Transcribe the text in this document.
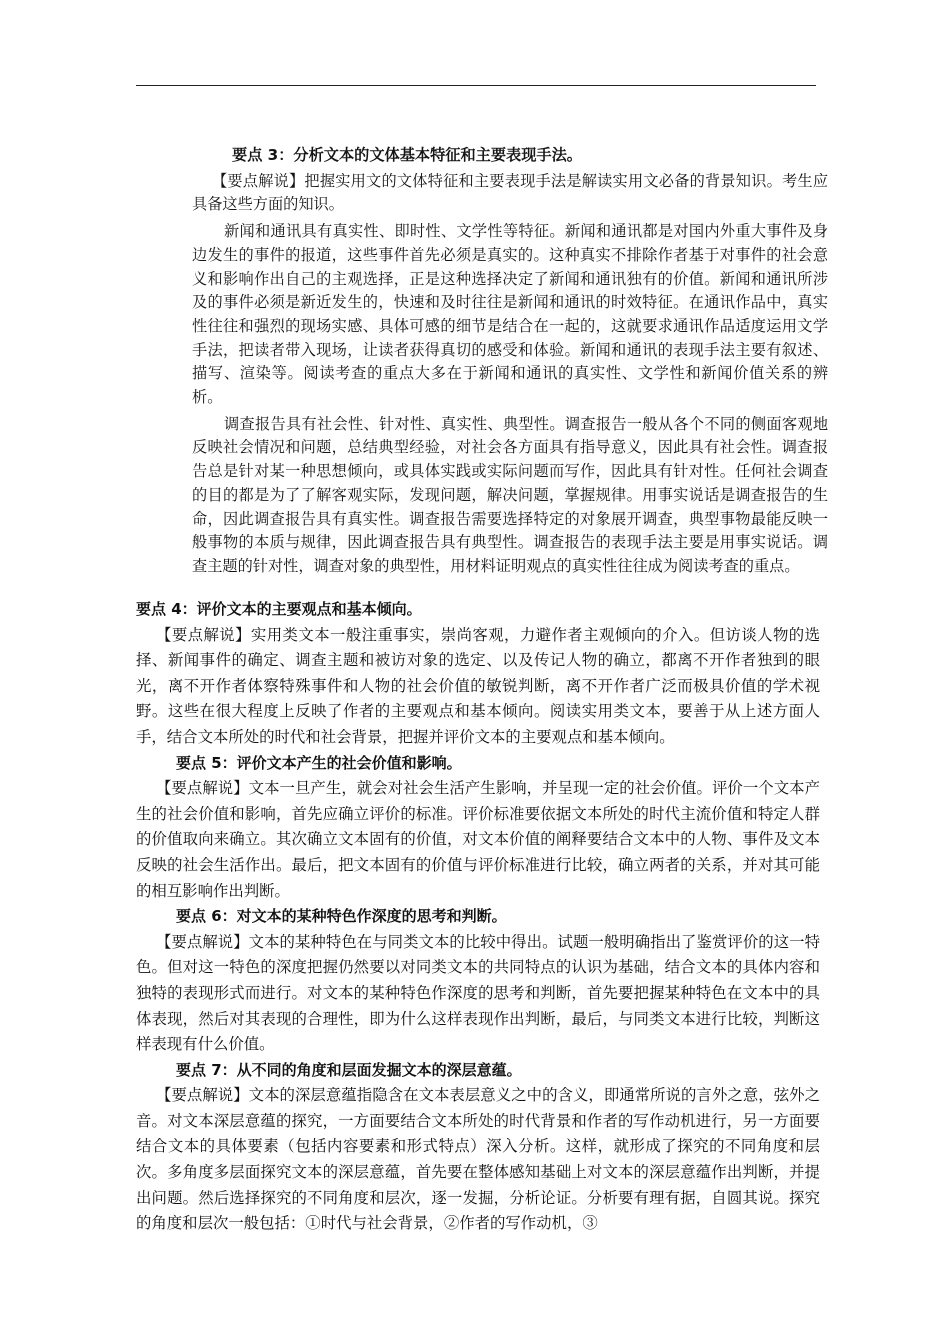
要点 3：分析文本的文体基本特征和主要表现手法。

【要点解说】把握实用文的文体特征和主要表现手法是解读实用文必备的背景知识。考生应具备这些方面的知识。

新闻和通讯具有真实性、即时性、文学性等特征。新闻和通讯都是对国内外重大事件及身边发生的事件的报道，这些事件首先必须是真实的。这种真实不排除作者基于对事件的社会意义和影响作出自己的主观选择，正是这种选择决定了新闻和通讯独有的价值。新闻和通讯所涉及的事件必须是新近发生的，快速和及时往往是新闻和通讯的时效特征。在通讯作品中，真实性往往和强烈的现场实感、具体可感的细节是结合在一起的，这就要求通讯作品适度运用文学手法，把读者带入现场，让读者获得真切的感受和体验。新闻和通讯的表现手法主要有叙述、描写、渲染等。阅读考查的重点大多在于新闻和通讯的真实性、文学性和新闻价值关系的辨析。

调查报告具有社会性、针对性、真实性、典型性。调查报告一般从各个不同的侧面客观地反映社会情况和问题，总结典型经验，对社会各方面具有指导意义，因此具有社会性。调查报告总是针对某一种思想倾向，或具体实践或实际问题而写作，因此具有针对性。任何社会调查的目的都是为了了解客观实际，发现问题，解决问题，掌握规律。用事实说话是调查报告的生命，因此调查报告具有真实性。调查报告需要选择特定的对象展开调查，典型事物最能反映一般事物的本质与规律，因此调查报告具有典型性。调查报告的表现手法主要是用事实说话。调查主题的针对性，调查对象的典型性，用材料证明观点的真实性往往成为阅读考查的重点。

要点 4：评价文本的主要观点和基本倾向。

【要点解说】实用类文本一般注重事实，崇尚客观，力避作者主观倾向的介入。但访谈人物的选择、新闻事件的确定、调查主题和被访对象的选定、以及传记人物的确立，都离不开作者独到的眼光，离不开作者体察特殊事件和人物的社会价值的敏锐判断，离不开作者广泛而极具价值的学术视野。这些在很大程度上反映了作者的主要观点和基本倾向。阅读实用类文本，要善于从上述方面人手，结合文本所处的时代和社会背景，把握并评价文本的主要观点和基本倾向。

要点 5：评价文本产生的社会价值和影响。

【要点解说】文本一旦产生，就会对社会生活产生影响，并呈现一定的社会价值。评价一个文本产生的社会价值和影响，首先应确立评价的标准。评价标准要依据文本所处的时代主流价值和特定人群的价值取向来确立。其次确立文本固有的价值，对文本价值的阐释要结合文本中的人物、事件及文本反映的社会生活作出。最后，把文本固有的价值与评价标准进行比较，确立两者的关系，并对其可能的相互影响作出判断。

要点 6：对文本的某种特色作深度的思考和判断。

【要点解说】文本的某种特色在与同类文本的比较中得出。试题一般明确指出了鉴赏评价的这一特色。但对这一特色的深度把握仍然要以对同类文本的共同特点的认识为基础，结合文本的具体内容和独特的表现形式而进行。对文本的某种特色作深度的思考和判断，首先要把握某种特色在文本中的具体表现，然后对其表现的合理性，即为什么这样表现作出判断，最后，与同类文本进行比较，判断这样表现有什么价值。

要点 7：从不同的角度和层面发掘文本的深层意蕴。

【要点解说】文本的深层意蕴指隐含在文本表层意义之中的含义，即通常所说的言外之意，弦外之音。对文本深层意蕴的探究，一方面要结合文本所处的时代背景和作者的写作动机进行，另一方面要结合文本的具体要素（包括内容要素和形式特点）深入分析。这样，就形成了探究的不同角度和层次。多角度多层面探究文本的深层意蕴，首先要在整体感知基础上对文本的深层意蕴作出判断，并提出问题。然后选择探究的不同角度和层次，逐一发掘，分析论证。分析要有理有据，自圆其说。探究的角度和层次一般包括：①时代与社会背景，②作者的写作动机，③
